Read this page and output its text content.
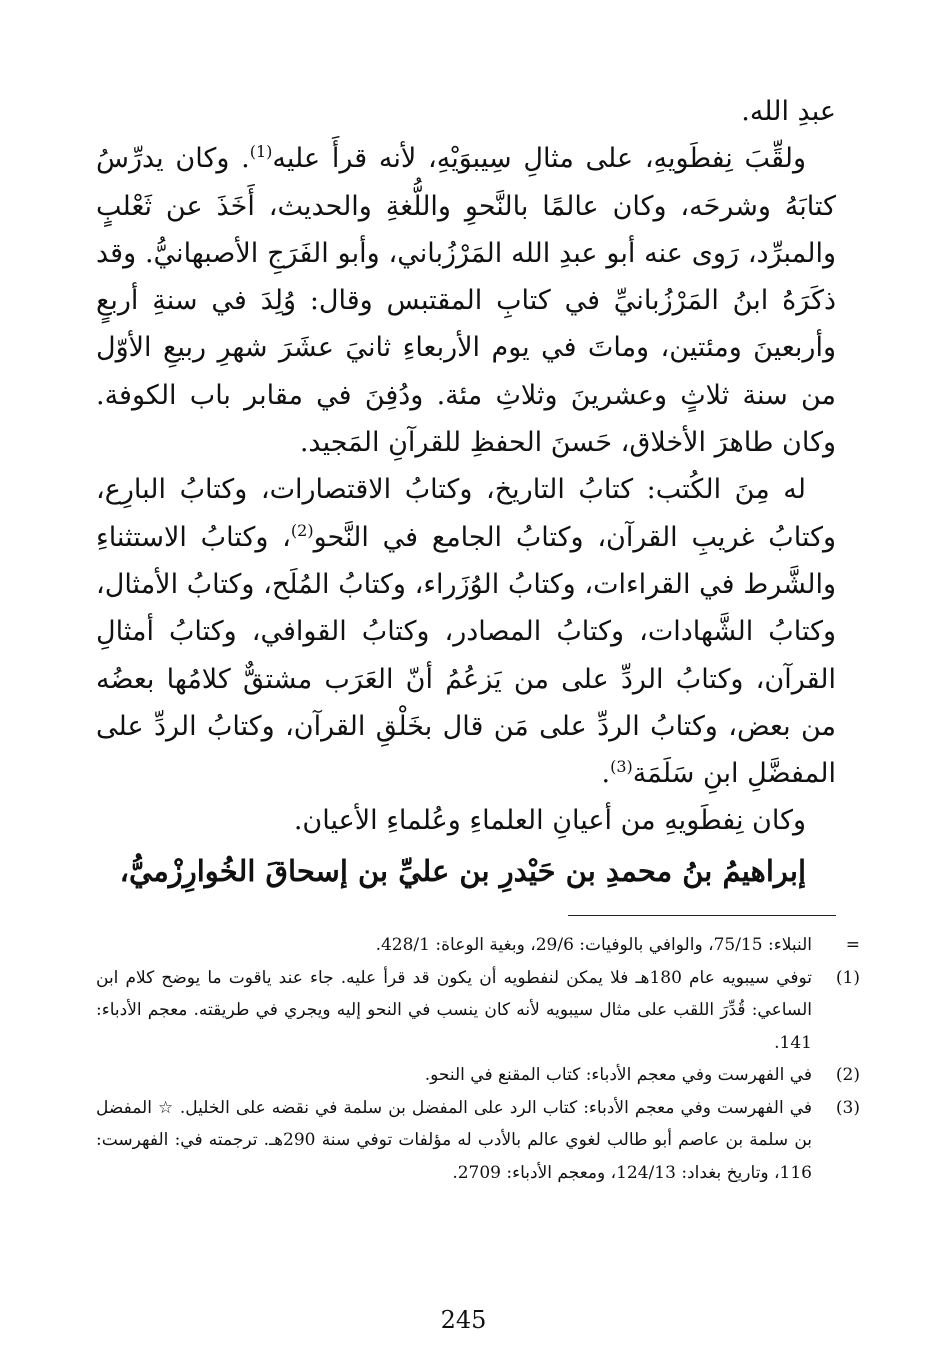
عبدِ الله.

ولقِّبَ نِفطَويهِ، على مثالِ سِيبوَيْهِ، لأنه قرأَ عليه$^{(1)}$. وكان يدرِّسُ كتابَهُ وشرحَه، وكان عالمًا بالنَّحوِ واللُّغةِ والحديث، أَخَذَ عن ثَعْلبٍ والمبرِّد، رَوى عنه أبو عبدِ الله المَرْزُباني، وأبو الفَرَجِ الأصبهانيُّ. وقد ذكَرَهُ ابنُ المَرْزُبانيِّ في كتابِ المقتبس وقال: وُلِدَ في سنةِ أربعٍ وأربعينَ ومئتين، وماتَ في يوم الأربعاءِ ثانيَ عشَرَ شهرِ ربيعِ الأوّل من سنة ثلاثٍ وعشرينَ وثلاثِ مئة. ودُفِنَ في مقابر باب الكوفة. وكان طاهرَ الأخلاق، حَسنَ الحفظِ للقرآنِ المَجيد.

له مِنَ الكُتب: كتابُ التاريخ، وكتابُ الاقتصارات، وكتابُ البارِع، وكتابُ غريبِ القرآن، وكتابُ الجامع في النَّحو$^{(2)}$، وكتابُ الاستثناءِ والشَّرط في القراءات، وكتابُ الوُزَراء، وكتابُ المُلَح، وكتابُ الأمثال، وكتابُ الشَّهادات، وكتابُ المصادر، وكتابُ القوافي، وكتابُ أمثالِ القرآن، وكتابُ الردِّ على من يَزعُمُ أنّ العَرَب مشتقٌّ كلامُها بعضُه من بعض، وكتابُ الردِّ على مَن قال بخَلْقِ القرآن، وكتابُ الردِّ على المفضَّلِ ابنِ سَلَمَة$^{(3)}$.

وكان نِفطَويهِ من أعيانِ العلماءِ وعُلماءِ الأعيان.

إبراهيمُ بنُ محمدِ بن حَيْدرِ بن عليِّ بن إسحاقَ الخُوارِزْميُّ،

=
النبلاء: 75/15، والوافي بالوفيات: 29/6، وبغية الوعاة: 428/1.
(1)
توفي سيبويه عام 180هـ فلا يمكن لنفطويه أن يكون قد قرأ عليه. جاء عند ياقوت ما يوضح كلام ابن الساعي: قُدِّرَ اللقب على مثال سيبويه لأنه كان ينسب في النحو إليه ويجري في طريقته. معجم الأدباء: 141.
(2)
في الفهرست وفي معجم الأدباء: كتاب المقنع في النحو.
(3)
في الفهرست وفي معجم الأدباء: كتاب الرد على المفضل بن سلمة في نقضه على الخليل. ☆ المفضل بن سلمة بن عاصم أبو طالب لغوي عالم بالأدب له مؤلفات توفي سنة 290هـ. ترجمته في: الفهرست: 116، وتاريخ بغداد: 124/13، ومعجم الأدباء: 2709.
245
